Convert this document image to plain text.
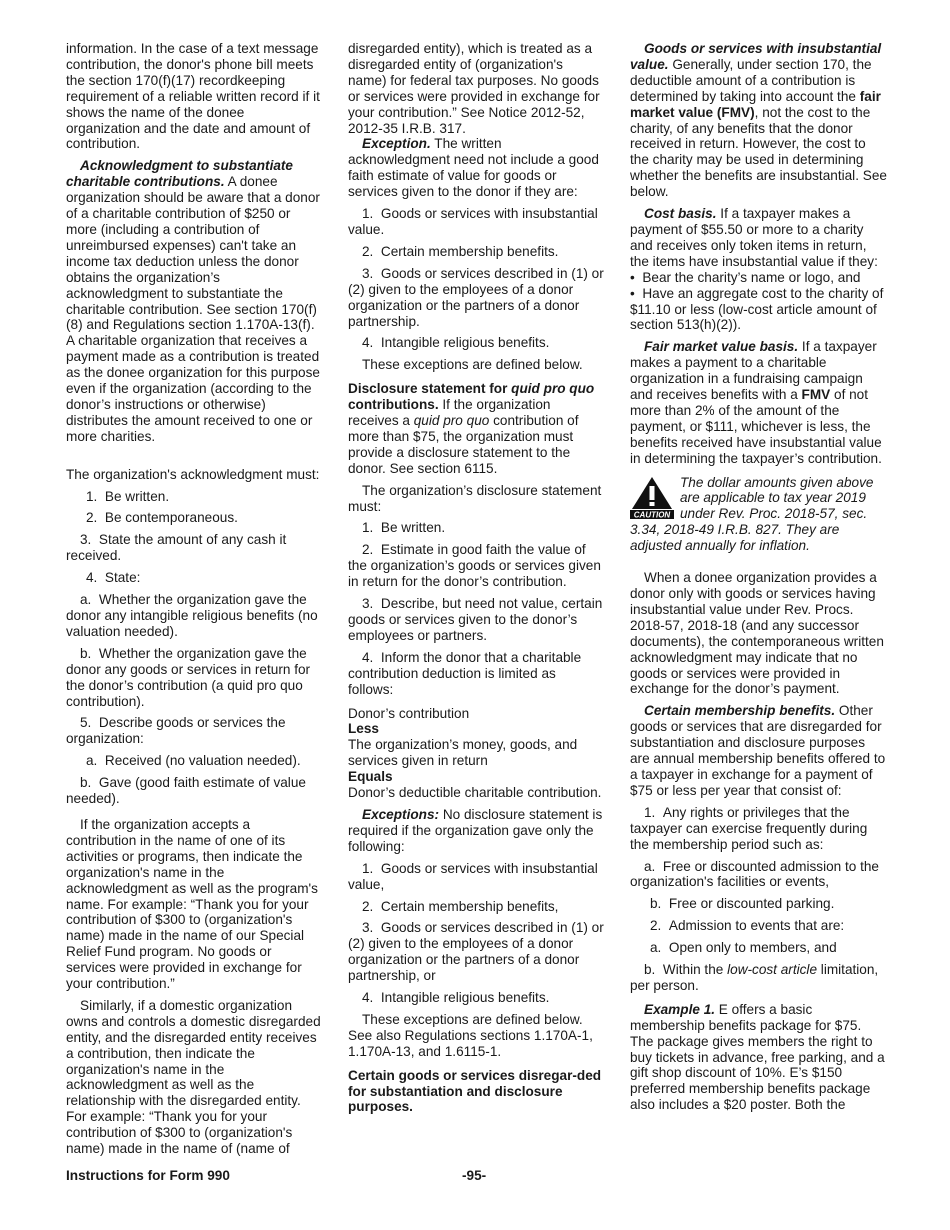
information. In the case of a text message contribution, the donor's phone bill meets the section 170(f)(17) recordkeeping requirement of a reliable written record if it shows the name of the donee organization and the date and amount of contribution.

Acknowledgment to substantiate charitable contributions. A donee organization should be aware that a donor of a charitable contribution of $250 or more (including a contribution of unreimbursed expenses) can't take an income tax deduction unless the donor obtains the organization’s acknowledgment to substantiate the charitable contribution. See section 170(f)(8) and Regulations section 1.170A-13(f). A charitable organization that receives a payment made as a contribution is treated as the donee organization for this purpose even if the organization (according to the donor’s instructions or otherwise) distributes the amount received to one or more charities.

The organization's acknowledgment must:

1.  Be written.

2.  Be contemporaneous.

3.  State the amount of any cash it received.

4.  State:

a.  Whether the organization gave the donor any intangible religious benefits (no valuation needed).

b.  Whether the organization gave the donor any goods or services in return for the donor’s contribution (a quid pro quo contribution).

5.  Describe goods or services the organization:

a.  Received (no valuation needed).

b.  Gave (good faith estimate of value needed).

If the organization accepts a contribution in the name of one of its activities or programs, then indicate the organization's name in the acknowledgment as well as the program's name. For example: “Thank you for your contribution of $300 to (organization's name) made in the name of our Special Relief Fund program. No goods or services were provided in exchange for your contribution.”

Similarly, if a domestic organization owns and controls a domestic disregarded entity, and the disregarded entity receives a contribution, then indicate the organization's name in the acknowledgment as well as the relationship with the disregarded entity. For example: “Thank you for your contribution of $300 to (organization's name) made in the name of (name of

disregarded entity), which is treated as a disregarded entity of (organization's name) for federal tax purposes. No goods or services were provided in exchange for your contribution.” See Notice 2012-52, 2012-35 I.R.B. 317.

Exception. The written acknowledgment need not include a good faith estimate of value for goods or services given to the donor if they are:

1.  Goods or services with insubstantial value.

2.  Certain membership benefits.

3.  Goods or services described in (1) or (2) given to the employees of a donor organization or the partners of a donor partnership.

4.  Intangible religious benefits.

These exceptions are defined below.

Disclosure statement for quid pro quo contributions. If the organization receives a quid pro quo contribution of more than $75, the organization must provide a disclosure statement to the donor. See section 6115.

The organization’s disclosure statement must:

1.  Be written.

2.  Estimate in good faith the value of the organization’s goods or services given in return for the donor’s contribution.

3.  Describe, but need not value, certain goods or services given to the donor’s employees or partners.

4.  Inform the donor that a charitable contribution deduction is limited as follows:

Donor’s contribution

Less

The organization’s money, goods, and services given in return

Equals

Donor’s deductible charitable contribution.

Exceptions: No disclosure statement is required if the organization gave only the following:

1.  Goods or services with insubstantial value,

2.  Certain membership benefits,

3.  Goods or services described in (1) or (2) given to the employees of a donor organization or the partners of a donor partnership, or

4.  Intangible religious benefits.

These exceptions are defined below. See also Regulations sections 1.170A-1, 1.170A-13, and 1.6115-1.

Certain goods or services disregar-ded for substantiation and disclosure purposes.

Goods or services with insubstantial value. Generally, under section 170, the deductible amount of a contribution is determined by taking into account the fair market value (FMV), not the cost to the charity, of any benefits that the donor received in return. However, the cost to the charity may be used in determining whether the benefits are insubstantial. See below.

Cost basis. If a taxpayer makes a payment of $55.50 or more to a charity and receives only token items in return, the items have insubstantial value if they:

•  Bear the charity’s name or logo, and

•  Have an aggregate cost to the charity of $11.10 or less (low-cost article amount of section 513(h)(2)).

Fair market value basis. If a taxpayer makes a payment to a charitable organization in a fundraising campaign and receives benefits with a FMV of not more than 2% of the amount of the payment, or $111, whichever is less, the benefits received have insubstantial value in determining the taxpayer’s contribution.

CAUTION
The dollar amounts given above are applicable to tax year 2019 under Rev. Proc. 2018-57, sec. 3.34, 2018-49 I.R.B. 827. They are adjusted annually for inflation.

When a donee organization provides a donor only with goods or services having insubstantial value under Rev. Procs. 2018-57, 2018-18 (and any successor documents), the contemporaneous written acknowledgment may indicate that no goods or services were provided in exchange for the donor’s payment.

Certain membership benefits. Other goods or services that are disregarded for substantiation and disclosure purposes are annual membership benefits offered to a taxpayer in exchange for a payment of $75 or less per year that consist of:

1.  Any rights or privileges that the taxpayer can exercise frequently during the membership period such as:

a.  Free or discounted admission to the organization's facilities or events,

b.  Free or discounted parking.

2.  Admission to events that are:

a.  Open only to members, and

b.  Within the low-cost article limitation, per person.

Example 1. E offers a basic membership benefits package for $75. The package gives members the right to buy tickets in advance, free parking, and a gift shop discount of 10%. E’s $150 preferred membership benefits package also includes a $20 poster. Both the

Instructions for Form 990	-95-
